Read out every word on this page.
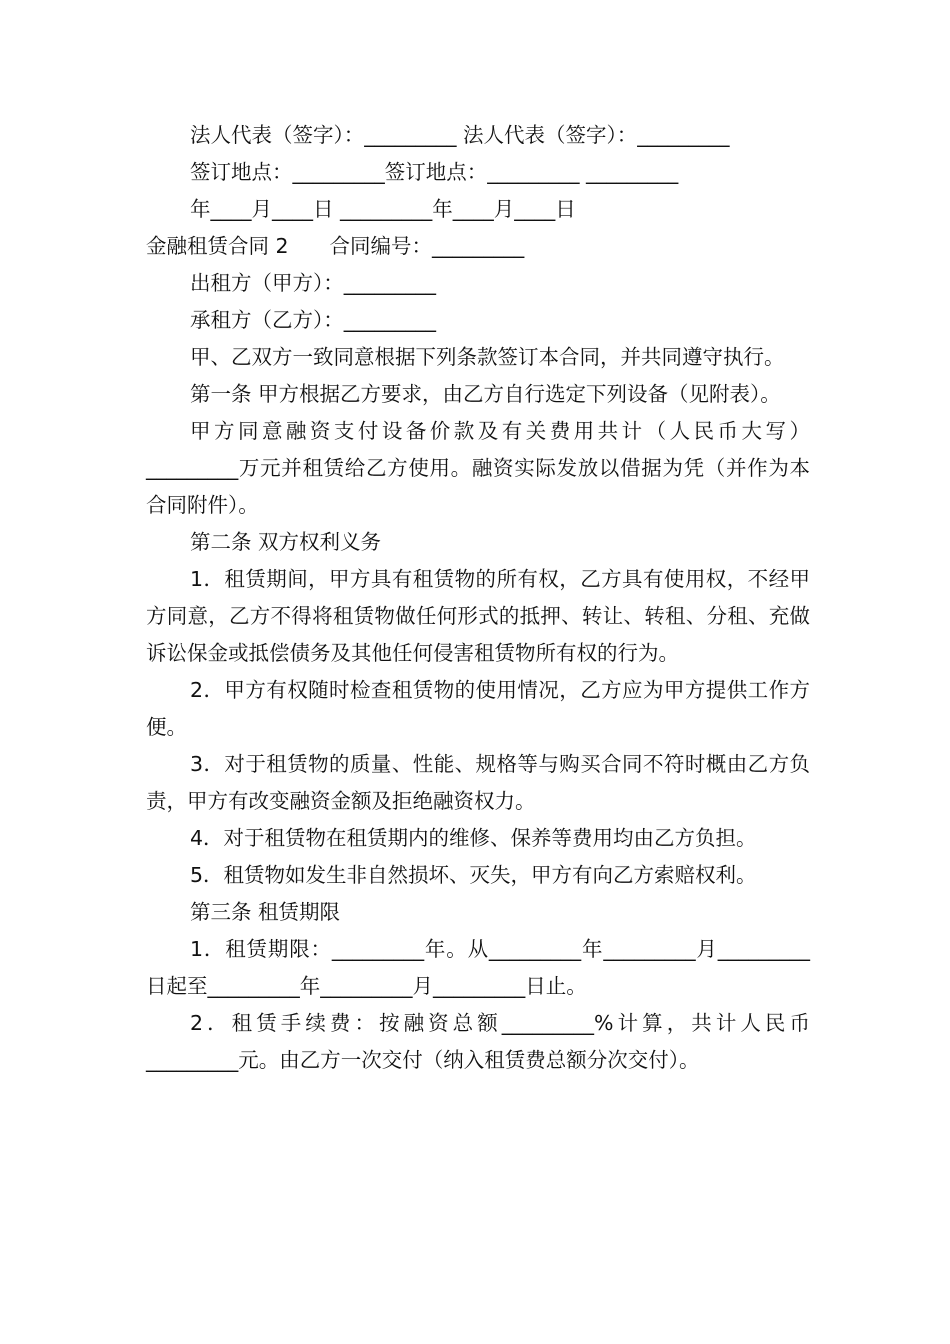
法人代表（签字）：_________ 法人代表（签字）：_________
签订地点：_________签订地点：_________ _________
年____月____日 _________年____月____日
金融租赁合同 2　　合同编号：_________
出租方（甲方）：_________
承租方（乙方）：_________
甲、乙双方一致同意根据下列条款签订本合同，并共同遵守执行。
第一条 甲方根据乙方要求，由乙方自行选定下列设备（见附表）。
甲方同意融资支付设备价款及有关费用共计（人民币大写）_________万元并租赁给乙方使用。融资实际发放以借据为凭（并作为本合同附件）。
第二条 双方权利义务
1．租赁期间，甲方具有租赁物的所有权，乙方具有使用权，不经甲方同意，乙方不得将租赁物做任何形式的抵押、转让、转租、分租、充做诉讼保金或抵偿债务及其他任何侵害租赁物所有权的行为。
2．甲方有权随时检查租赁物的使用情况，乙方应为甲方提供工作方便。
3．对于租赁物的质量、性能、规格等与购买合同不符时概由乙方负责，甲方有改变融资金额及拒绝融资权力。
4．对于租赁物在租赁期内的维修、保养等费用均由乙方负担。
5．租赁物如发生非自然损坏、灭失，甲方有向乙方索赔权利。
第三条 租赁期限
1．租赁期限：_________年。从_________年_________月_________日起至_________年_________月_________日止。
2．租赁手续费：按融资总额_________%计算，共计人民币_________元。由乙方一次交付（纳入租赁费总额分次交付）。
